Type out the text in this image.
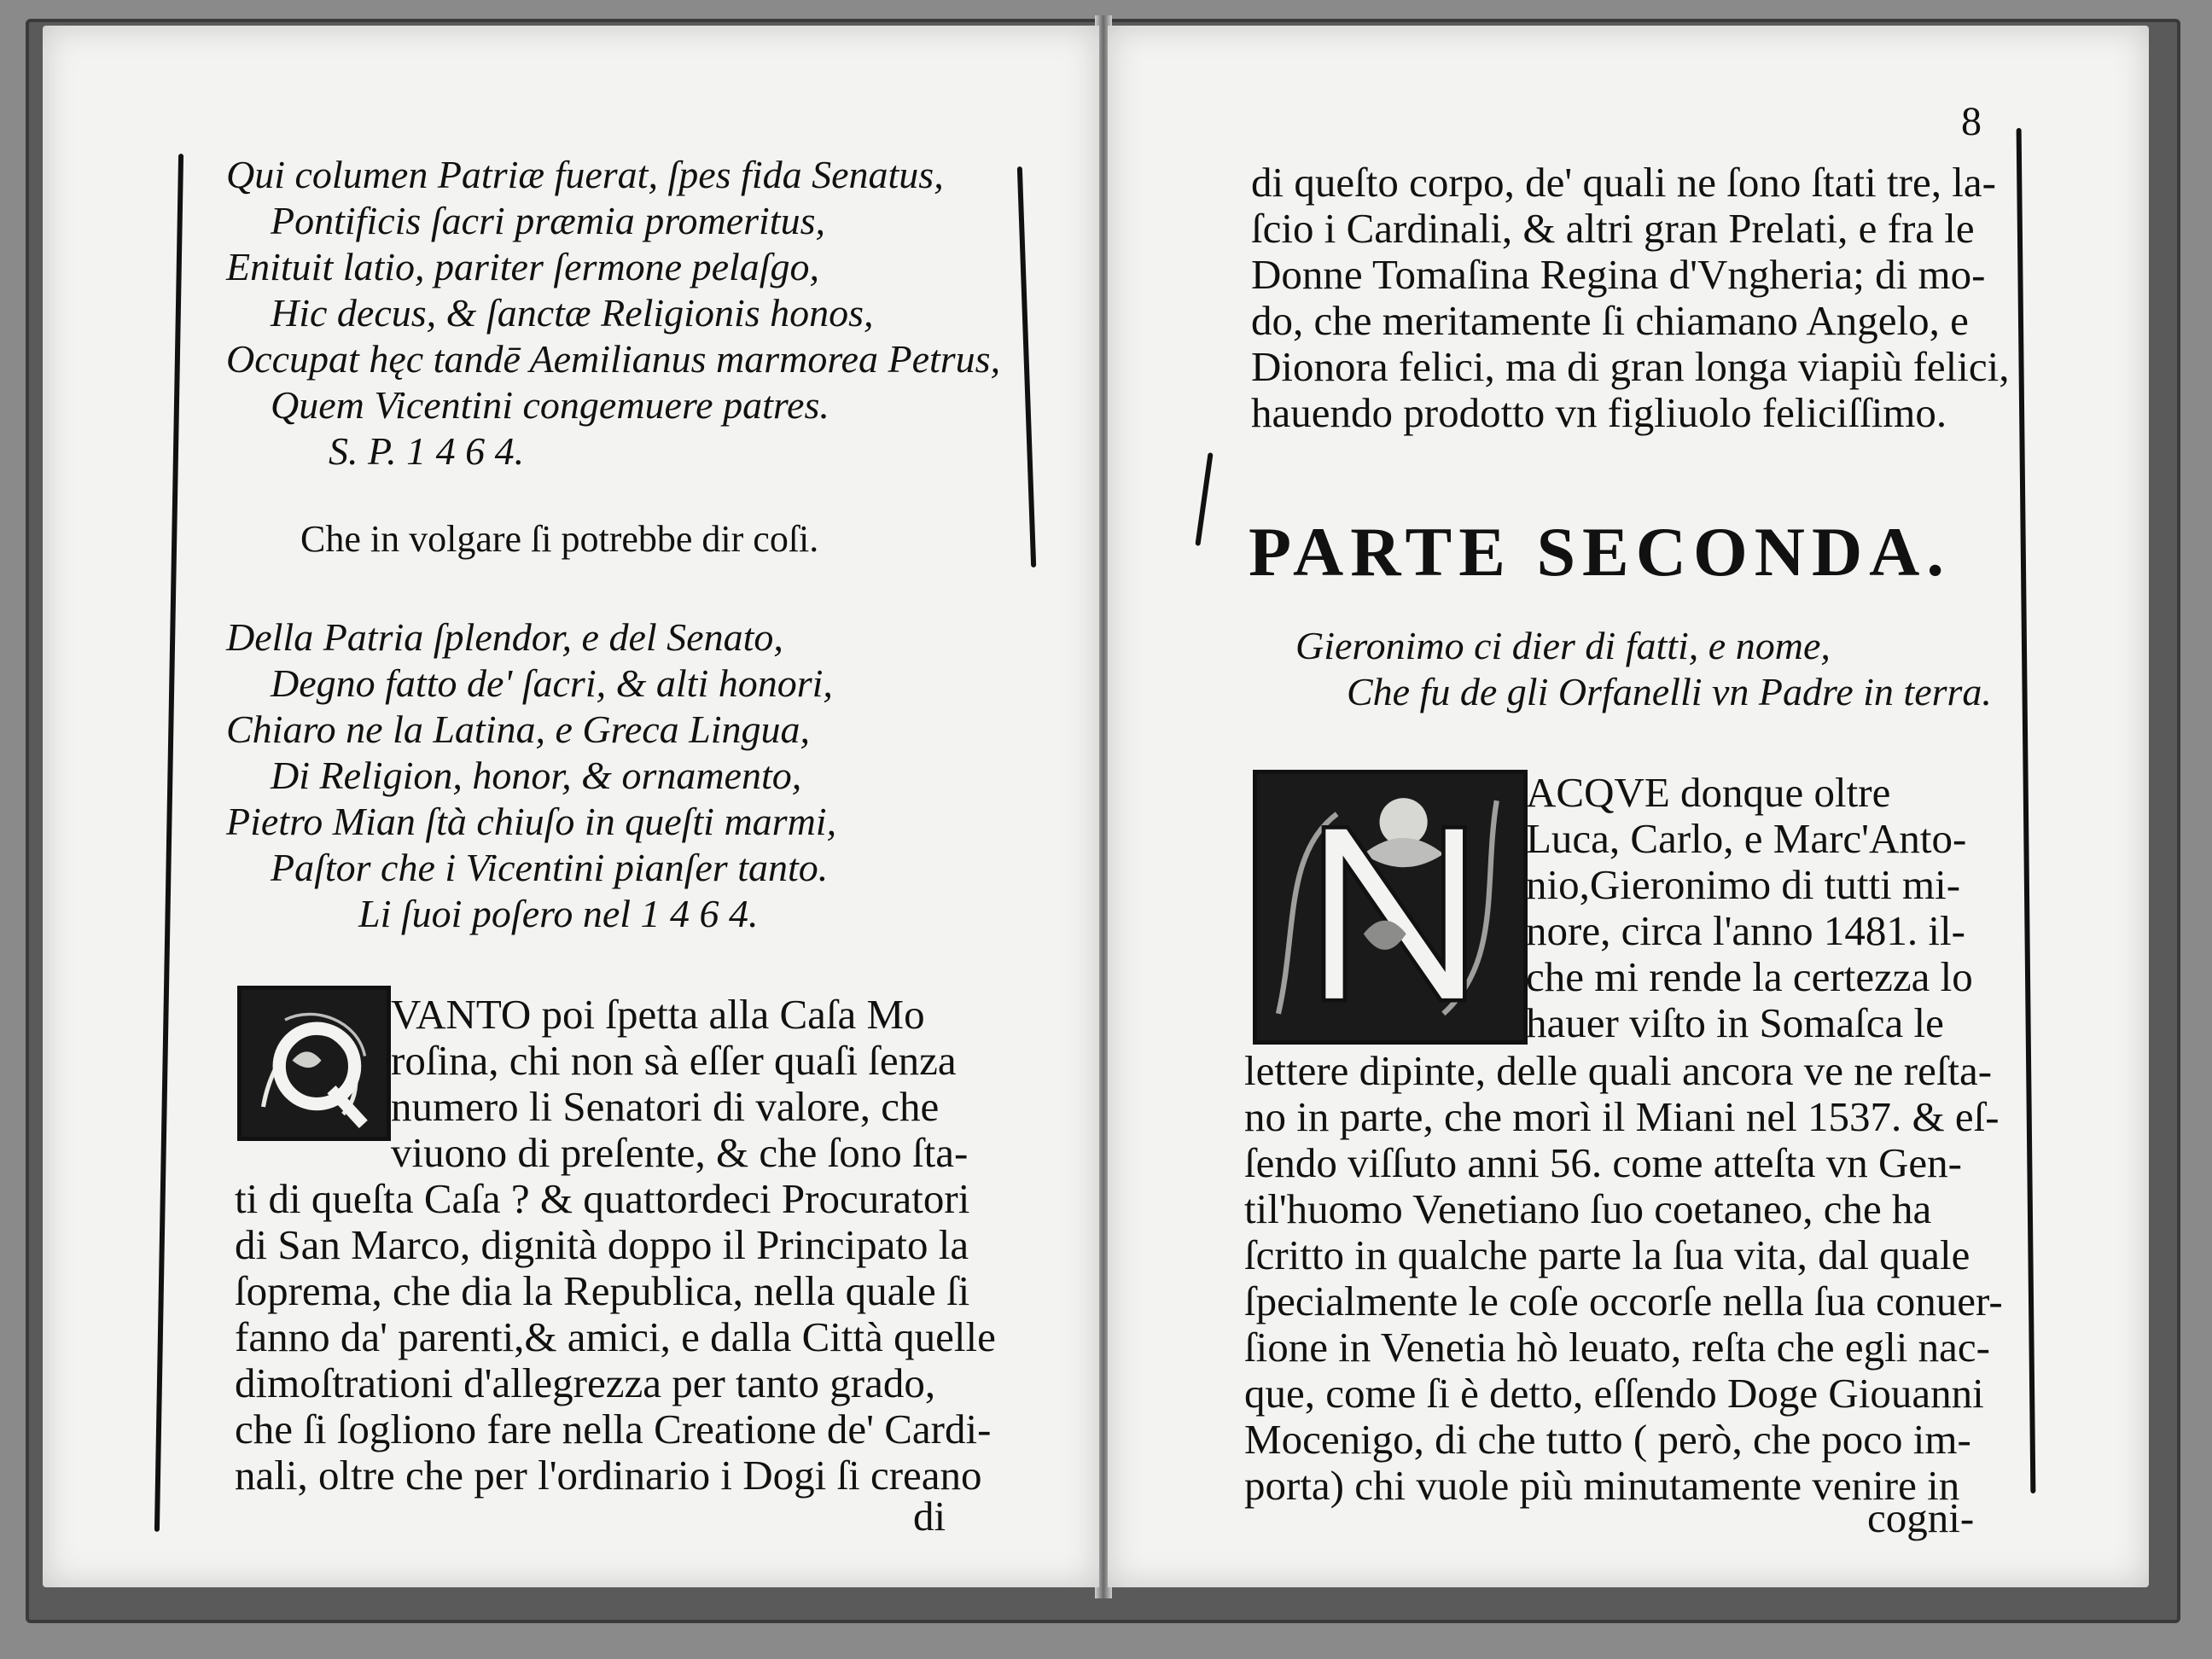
Qui columen Patriæ fuerat, ſpes fida Senatus,
Pontificis ſacri præmia promeritus,
Enituit latio, pariter ſermone pelaſgo,
Hic decus, & ſanctæ Religionis honos,
Occupat hęc tandē Aemilianus marmorea Petrus,
Quem Vicentini congemuere patres.
S. P. 1 4 6 4.
Che in volgare ſi potrebbe dir coſi.
Della Patria ſplendor, e del Senato,
Degno fatto de' ſacri, & alti honori,
Chiaro ne la Latina, e Greca Lingua,
Di Religion, honor, & ornamento,
Pietro Mian ſtà chiuſo in queſti marmi,
Paſtor che i Vicentini pianſer tanto.
Li ſuoi poſero nel 1 4 6 4.
VANTO poi ſpetta alla Caſa Mo
roſina, chi non sà eſſer quaſi ſenza
numero li Senatori di valore, che
viuono di preſente, & che ſono ſta-
ti di queſta Caſa ? & quattordeci Procuratori
di San Marco, dignità doppo il Principato la
ſoprema, che dia la Republica, nella quale ſi
fanno da' parenti,& amici, e dalla Città quelle
dimoſtrationi d'allegrezza per tanto grado,
che ſi ſogliono fare nella Creatione de' Cardi-
nali, oltre che per l'ordinario i Dogi ſi creano
di
8
di queſto corpo, de' quali ne ſono ſtati tre, la-
ſcio i Cardinali, & altri gran Prelati, e fra le
Donne Tomaſina Regina d'Vngheria; di mo-
do, che meritamente ſi chiamano Angelo, e
Dionora felici, ma di gran longa viapiù felici,
hauendo prodotto vn figliuolo feliciſſimo.
PARTE SECONDA.
Gieronimo ci dier di fatti, e nome,
Che fu de gli Orfanelli vn Padre in terra.
ACQVE donque oltre
Luca, Carlo, e Marc'Anto-
nio,Gieronimo di tutti mi-
nore, circa l'anno 1481. il-
che mi rende la certezza lo
hauer viſto in Somaſca le
lettere dipinte, delle quali ancora ve ne reſta-
no in parte, che morì il Miani nel 1537. & eſ-
ſendo viſſuto anni 56. come atteſta vn Gen-
til'huomo Venetiano ſuo coetaneo, che ha
ſcritto in qualche parte la ſua vita, dal quale
ſpecialmente le coſe occorſe nella ſua conuer-
ſione in Venetia hò leuato, reſta che egli nac-
que, come ſi è detto, eſſendo Doge Giouanni
Mocenigo, di che tutto ( però, che poco im-
porta) chi vuole più minutamente venire in
cogni-
